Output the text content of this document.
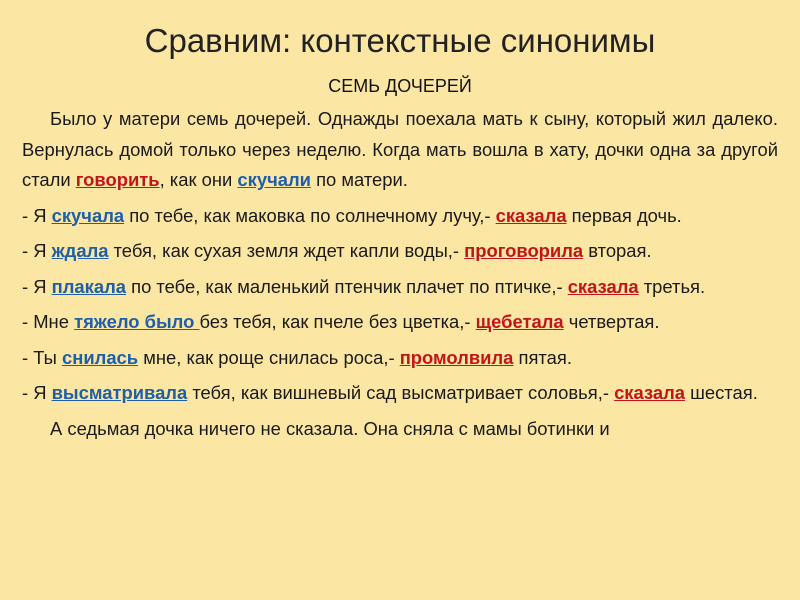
Сравним: контекстные синонимы
СЕМЬ ДОЧЕРЕЙ

Было у матери семь дочерей. Однажды поехала мать к сыну, который жил далеко. Вернулась домой только через неделю. Когда мать вошла в хату, дочки одна за другой стали говорить, как они скучали по матери.

- Я скучала по тебе, как маковка по солнечному лучу,- сказала первая дочь.

- Я ждала тебя, как сухая земля ждет капли воды,- проговорила вторая.

- Я плакала по тебе, как маленький птенчик плачет по птичке,- сказала третья.

- Мне тяжело было без тебя, как пчеле без цветка,- щебетала четвертая.

- Ты снилась мне, как роще снилась роса,- промолвила пятая.

- Я высматривала тебя, как вишневый сад высматривает соловья,- сказала шестая.

А седьмая дочка ничего не сказала. Она сняла с мамы ботинки и
